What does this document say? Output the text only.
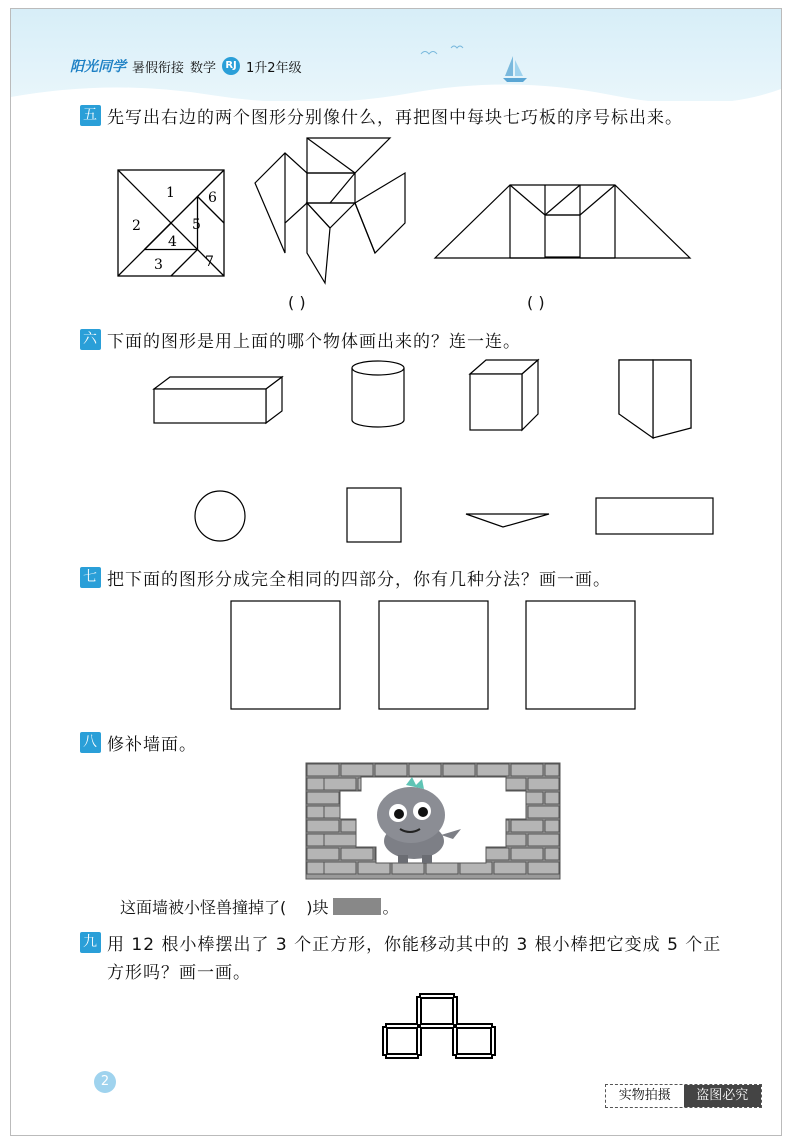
阳光同学 暑假衔接 数学 RJ 1升2年级
五 先写出右边的两个图形分别像什么，再把图中每块七巧板的序号标出来。
1
2
3
4
5
6
7
( )	( )
六 下面的图形是用上面的哪个物体画出来的？连一连。
七 把下面的图形分成完全相同的四部分，你有几种分法？画一画。
八 修补墙面。
这面墙被小怪兽撞掉了( )块	。
九 用 12 根小棒摆出了 3 个正方形，你能移动其中的 3 根小棒把它变成 5 个正
方形吗？画一画。
2
实物拍摄	盗图必究
